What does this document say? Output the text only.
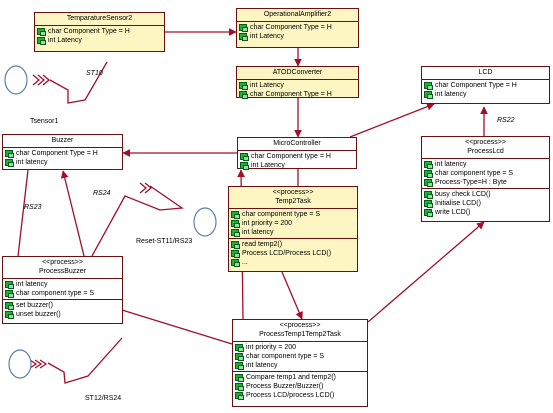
TemparatureSensor2
char Component Type = H
int Latency
OperationalAmplifier2
char Component Type = H
int Latency
ATODConverter
int Latency
char Component Type = H
LCD
char Component Type = H
int latency
Buzzer
char Component Type = H
int latency
MicroController
char Component type = H
int Latency
<<process>>
ProcessLcd
int latency
char component type = S
Process-Type=H : Byte
busy check LCD()
Initialise LCD()
write LCD()
<<process>>
Temp2Task
char component type = S
int priority = 200
int latency
read temp2()
Process LCD/Process LCD()
...
<<process>>
ProcessBuzzer
int latency
char component type = S
set buzzer()
unset buzzer()
<<process>>
ProcessTemp1Temp2Task
int priority = 200
char component type = S
int latency
Compare temp1 and temp2()
Process Buzzer/Buzzer()
Process LCD/process LCD()
ST10
Tsensor1	RS22
RS23
RS24
Reset-ST11/RS23
ST12/RS24
